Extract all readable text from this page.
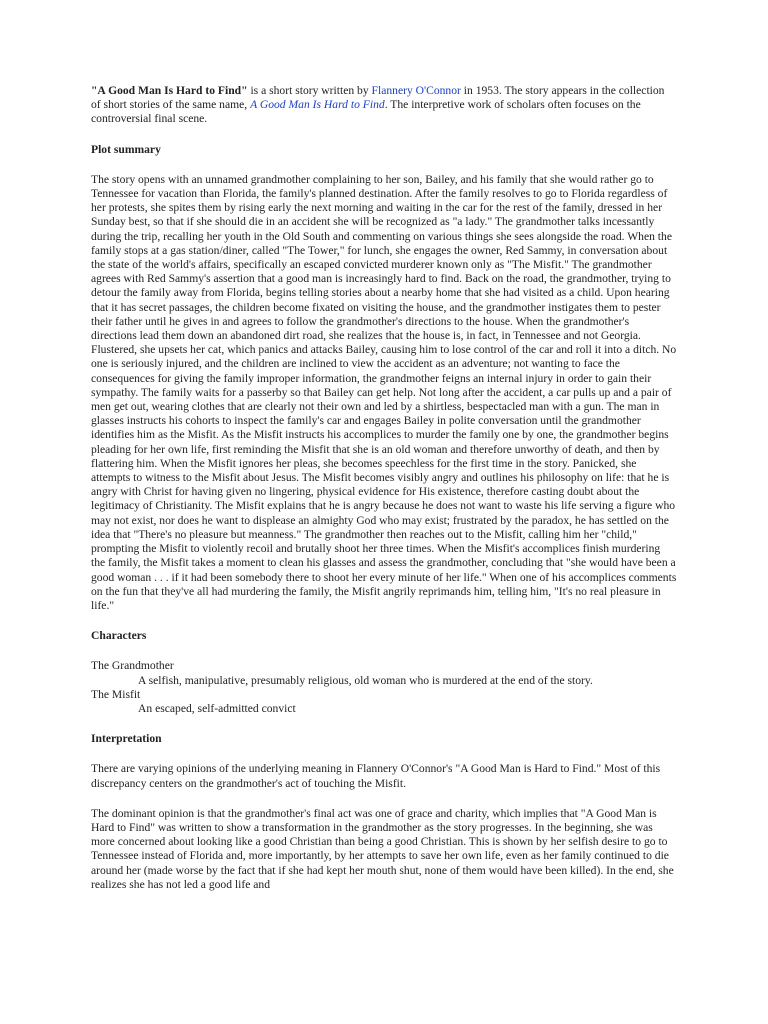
"A Good Man Is Hard to Find" is a short story written by Flannery O'Connor in 1953. The story appears in the collection of short stories of the same name, A Good Man Is Hard to Find. The interpretive work of scholars often focuses on the controversial final scene.

Plot summary

The story opens with an unnamed grandmother complaining to her son, Bailey, and his family that she would rather go to Tennessee for vacation than Florida, the family's planned destination. After the family resolves to go to Florida regardless of her protests, she spites them by rising early the next morning and waiting in the car for the rest of the family, dressed in her Sunday best, so that if she should die in an accident she will be recognized as "a lady." The grandmother talks incessantly during the trip, recalling her youth in the Old South and commenting on various things she sees alongside the road. When the family stops at a gas station/diner, called "The Tower," for lunch, she engages the owner, Red Sammy, in conversation about the state of the world's affairs, specifically an escaped convicted murderer known only as "The Misfit." The grandmother agrees with Red Sammy's assertion that a good man is increasingly hard to find. Back on the road, the grandmother, trying to detour the family away from Florida, begins telling stories about a nearby home that she had visited as a child. Upon hearing that it has secret passages, the children become fixated on visiting the house, and the grandmother instigates them to pester their father until he gives in and agrees to follow the grandmother's directions to the house. When the grandmother's directions lead them down an abandoned dirt road, she realizes that the house is, in fact, in Tennessee and not Georgia. Flustered, she upsets her cat, which panics and attacks Bailey, causing him to lose control of the car and roll it into a ditch. No one is seriously injured, and the children are inclined to view the accident as an adventure; not wanting to face the consequences for giving the family improper information, the grandmother feigns an internal injury in order to gain their sympathy. The family waits for a passerby so that Bailey can get help. Not long after the accident, a car pulls up and a pair of men get out, wearing clothes that are clearly not their own and led by a shirtless, bespectacled man with a gun. The man in glasses instructs his cohorts to inspect the family's car and engages Bailey in polite conversation until the grandmother identifies him as the Misfit. As the Misfit instructs his accomplices to murder the family one by one, the grandmother begins pleading for her own life, first reminding the Misfit that she is an old woman and therefore unworthy of death, and then by flattering him. When the Misfit ignores her pleas, she becomes speechless for the first time in the story. Panicked, she attempts to witness to the Misfit about Jesus. The Misfit becomes visibly angry and outlines his philosophy on life: that he is angry with Christ for having given no lingering, physical evidence for His existence, therefore casting doubt about the legitimacy of Christianity. The Misfit explains that he is angry because he does not want to waste his life serving a figure who may not exist, nor does he want to displease an almighty God who may exist; frustrated by the paradox, he has settled on the idea that "There's no pleasure but meanness." The grandmother then reaches out to the Misfit, calling him her "child," prompting the Misfit to violently recoil and brutally shoot her three times. When the Misfit's accomplices finish murdering the family, the Misfit takes a moment to clean his glasses and assess the grandmother, concluding that "she would have been a good woman . . . if it had been somebody there to shoot her every minute of her life." When one of his accomplices comments on the fun that they've all had murdering the family, the Misfit angrily reprimands him, telling him, "It's no real pleasure in life."

Characters

The Grandmother

A selfish, manipulative, presumably religious, old woman who is murdered at the end of the story.

The Misfit

An escaped, self-admitted convict

Interpretation

There are varying opinions of the underlying meaning in Flannery O'Connor's "A Good Man is Hard to Find." Most of this discrepancy centers on the grandmother's act of touching the Misfit.

The dominant opinion is that the grandmother's final act was one of grace and charity, which implies that "A Good Man is Hard to Find" was written to show a transformation in the grandmother as the story progresses. In the beginning, she was more concerned about looking like a good Christian than being a good Christian. This is shown by her selfish desire to go to Tennessee instead of Florida and, more importantly, by her attempts to save her own life, even as her family continued to die around her (made worse by the fact that if she had kept her mouth shut, none of them would have been killed). In the end, she realizes she has not led a good life and
